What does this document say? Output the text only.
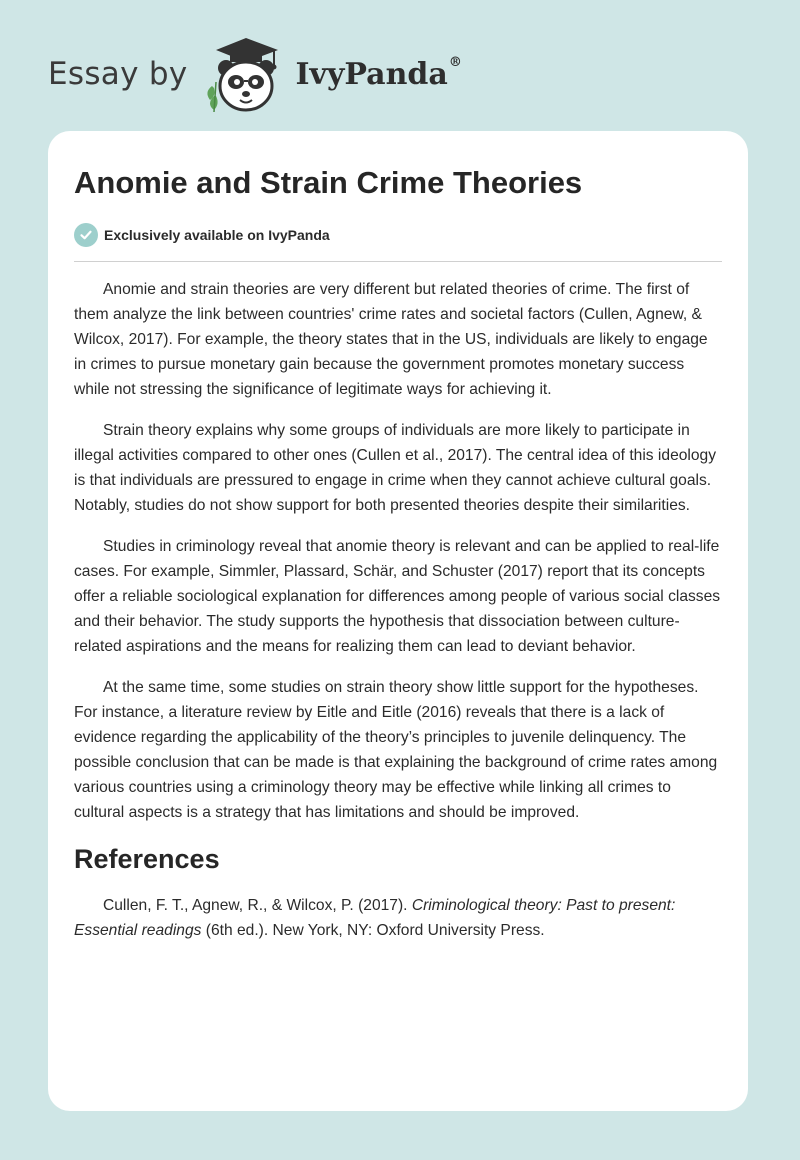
Essay by	IvyPanda®
Anomie and Strain Crime Theories
Exclusively available on IvyPanda

Anomie and strain theories are very different but related theories of crime. The first of them analyze the link between countries' crime rates and societal factors (Cullen, Agnew, & Wilcox, 2017). For example, the theory states that in the US, individuals are likely to engage in crimes to pursue monetary gain because the government promotes monetary success while not stressing the significance of legitimate ways for achieving it.

Strain theory explains why some groups of individuals are more likely to participate in illegal activities compared to other ones (Cullen et al., 2017). The central idea of this ideology is that individuals are pressured to engage in crime when they cannot achieve cultural goals. Notably, studies do not show support for both presented theories despite their similarities.

Studies in criminology reveal that anomie theory is relevant and can be applied to real-life cases. For example, Simmler, Plassard, Schär, and Schuster (2017) report that its concepts offer a reliable sociological explanation for differences among people of various social classes and their behavior. The study supports the hypothesis that dissociation between culture-related aspirations and the means for realizing them can lead to deviant behavior.

At the same time, some studies on strain theory show little support for the hypotheses. For instance, a literature review by Eitle and Eitle (2016) reveals that there is a lack of evidence regarding the applicability of the theory’s principles to juvenile delinquency. The possible conclusion that can be made is that explaining the background of crime rates among various countries using a criminology theory may be effective while linking all crimes to cultural aspects is a strategy that has limitations and should be improved.

References

Cullen, F. T., Agnew, R., & Wilcox, P. (2017). Criminological theory: Past to present: Essential readings (6th ed.). New York, NY: Oxford University Press.
